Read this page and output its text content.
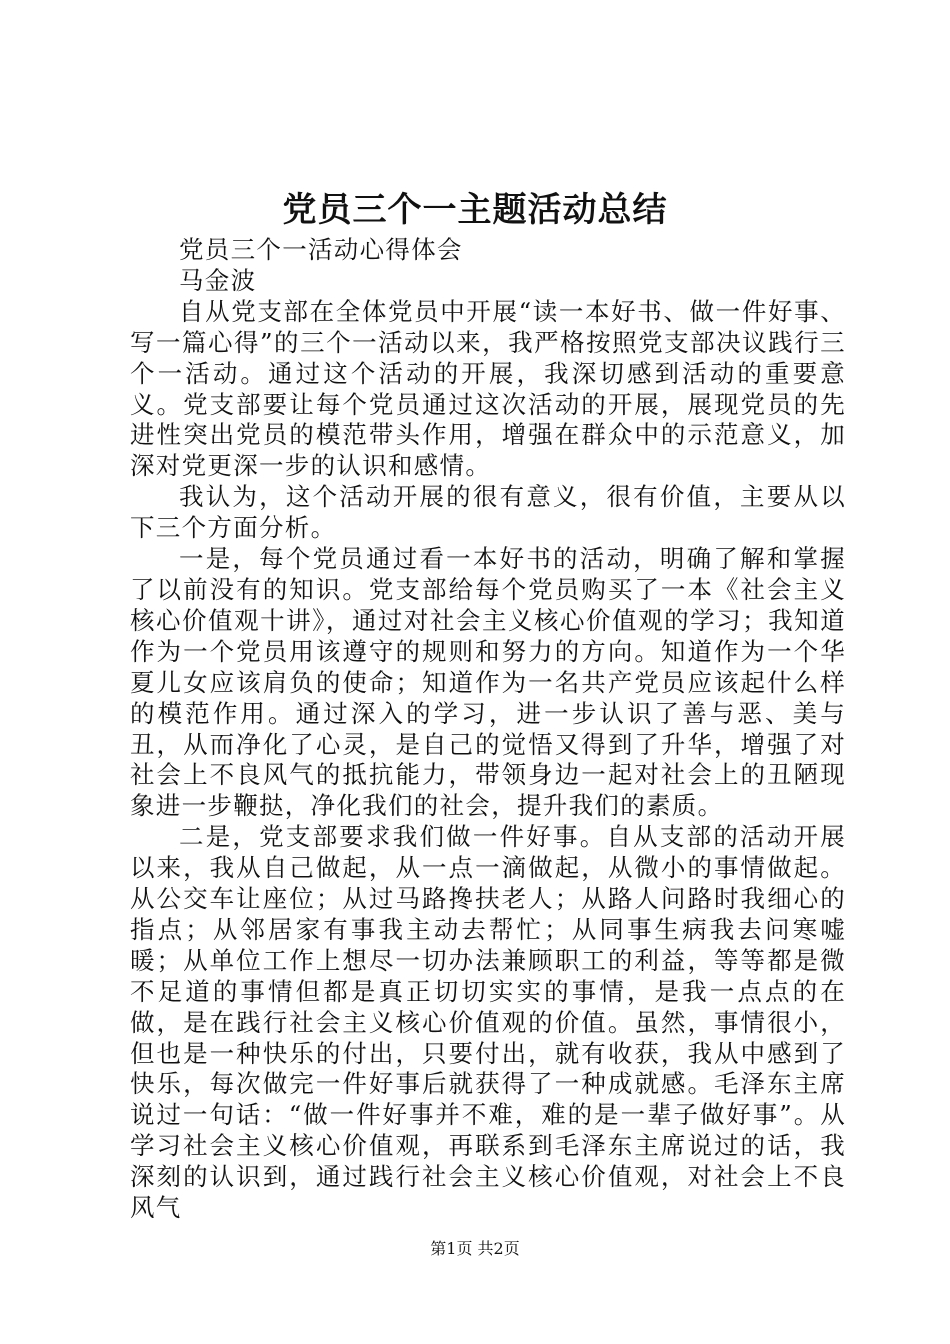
党员三个一主题活动总结

党员三个一活动心得体会

马金波

自从党支部在全体党员中开展“读一本好书、做一件好事、写一篇心得”的三个一活动以来，我严格按照党支部决议践行三个一活动。通过这个活动的开展，我深切感到活动的重要意义。党支部要让每个党员通过这次活动的开展，展现党员的先进性突出党员的模范带头作用，增强在群众中的示范意义，加深对党更深一步的认识和感情。

我认为，这个活动开展的很有意义，很有价值，主要从以下三个方面分析。

一是，每个党员通过看一本好书的活动，明确了解和掌握了以前没有的知识。党支部给每个党员购买了一本《社会主义核心价值观十讲》，通过对社会主义核心价值观的学习；我知道作为一个党员用该遵守的规则和努力的方向。知道作为一个华夏儿女应该肩负的使命；知道作为一名共产党员应该起什么样的模范作用。通过深入的学习，进一步认识了善与恶、美与丑，从而净化了心灵，是自己的觉悟又得到了升华，增强了对社会上不良风气的抵抗能力，带领身边一起对社会上的丑陋现象进一步鞭挞，净化我们的社会，提升我们的素质。

二是，党支部要求我们做一件好事。自从支部的活动开展以来，我从自己做起，从一点一滴做起，从微小的事情做起。从公交车让座位；从过马路搀扶老人；从路人问路时我细心的指点；从邻居家有事我主动去帮忙；从同事生病我去问寒嘘暖；从单位工作上想尽一切办法兼顾职工的利益，等等都是微不足道的事情但都是真正切切实实的事情，是我一点点的在做，是在践行社会主义核心价值观的价值。虽然，事情很小，但也是一种快乐的付出，只要付出，就有收获，我从中感到了快乐，每次做完一件好事后就获得了一种成就感。毛泽东主席说过一句话：“做一件好事并不难，难的是一辈子做好事”。从学习社会主义核心价值观，再联系到毛泽东主席说过的话，我深刻的认识到，通过践行社会主义核心价值观，对社会上不良风气

第1页 共2页
